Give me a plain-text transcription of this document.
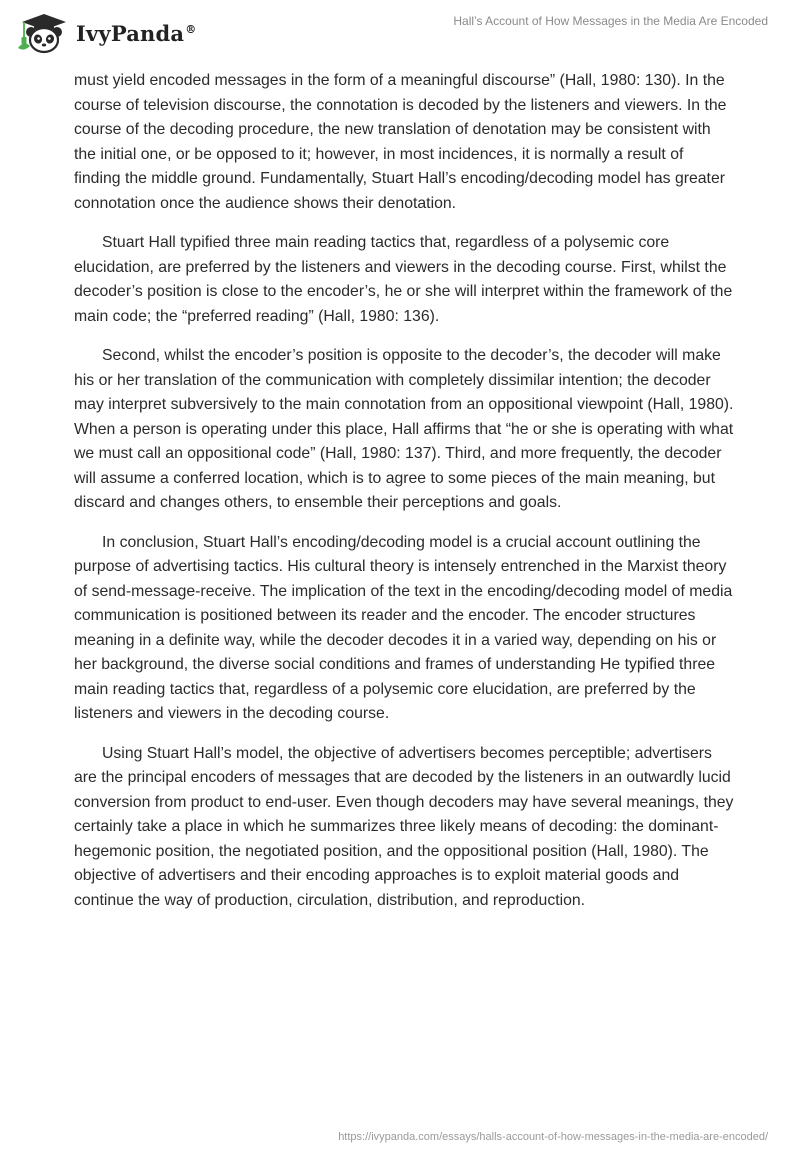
IvyPanda®
Hall’s Account of How Messages in the Media Are Encoded

must yield encoded messages in the form of a meaningful discourse” (Hall, 1980: 130). In the course of television discourse, the connotation is decoded by the listeners and viewers. In the course of the decoding procedure, the new translation of denotation may be consistent with the initial one, or be opposed to it; however, in most incidences, it is normally a result of finding the middle ground. Fundamentally, Stuart Hall’s encoding/decoding model has greater connotation once the audience shows their denotation.

Stuart Hall typified three main reading tactics that, regardless of a polysemic core elucidation, are preferred by the listeners and viewers in the decoding course. First, whilst the decoder’s position is close to the encoder’s, he or she will interpret within the framework of the main code; the “preferred reading” (Hall, 1980: 136).

Second, whilst the encoder’s position is opposite to the decoder’s, the decoder will make his or her translation of the communication with completely dissimilar intention; the decoder may interpret subversively to the main connotation from an oppositional viewpoint (Hall, 1980). When a person is operating under this place, Hall affirms that “he or she is operating with what we must call an oppositional code” (Hall, 1980: 137). Third, and more frequently, the decoder will assume a conferred location, which is to agree to some pieces of the main meaning, but discard and changes others, to ensemble their perceptions and goals.

In conclusion, Stuart Hall’s encoding/decoding model is a crucial account outlining the purpose of advertising tactics. His cultural theory is intensely entrenched in the Marxist theory of send-message-receive. The implication of the text in the encoding/decoding model of media communication is positioned between its reader and the encoder. The encoder structures meaning in a definite way, while the decoder decodes it in a varied way, depending on his or her background, the diverse social conditions and frames of understanding He typified three main reading tactics that, regardless of a polysemic core elucidation, are preferred by the listeners and viewers in the decoding course.

Using Stuart Hall’s model, the objective of advertisers becomes perceptible; advertisers are the principal encoders of messages that are decoded by the listeners in an outwardly lucid conversion from product to end-user. Even though decoders may have several meanings, they certainly take a place in which he summarizes three likely means of decoding: the dominant-hegemonic position, the negotiated position, and the oppositional position (Hall, 1980). The objective of advertisers and their encoding approaches is to exploit material goods and continue the way of production, circulation, distribution, and reproduction.

https://ivypanda.com/essays/halls-account-of-how-messages-in-the-media-are-encoded/
